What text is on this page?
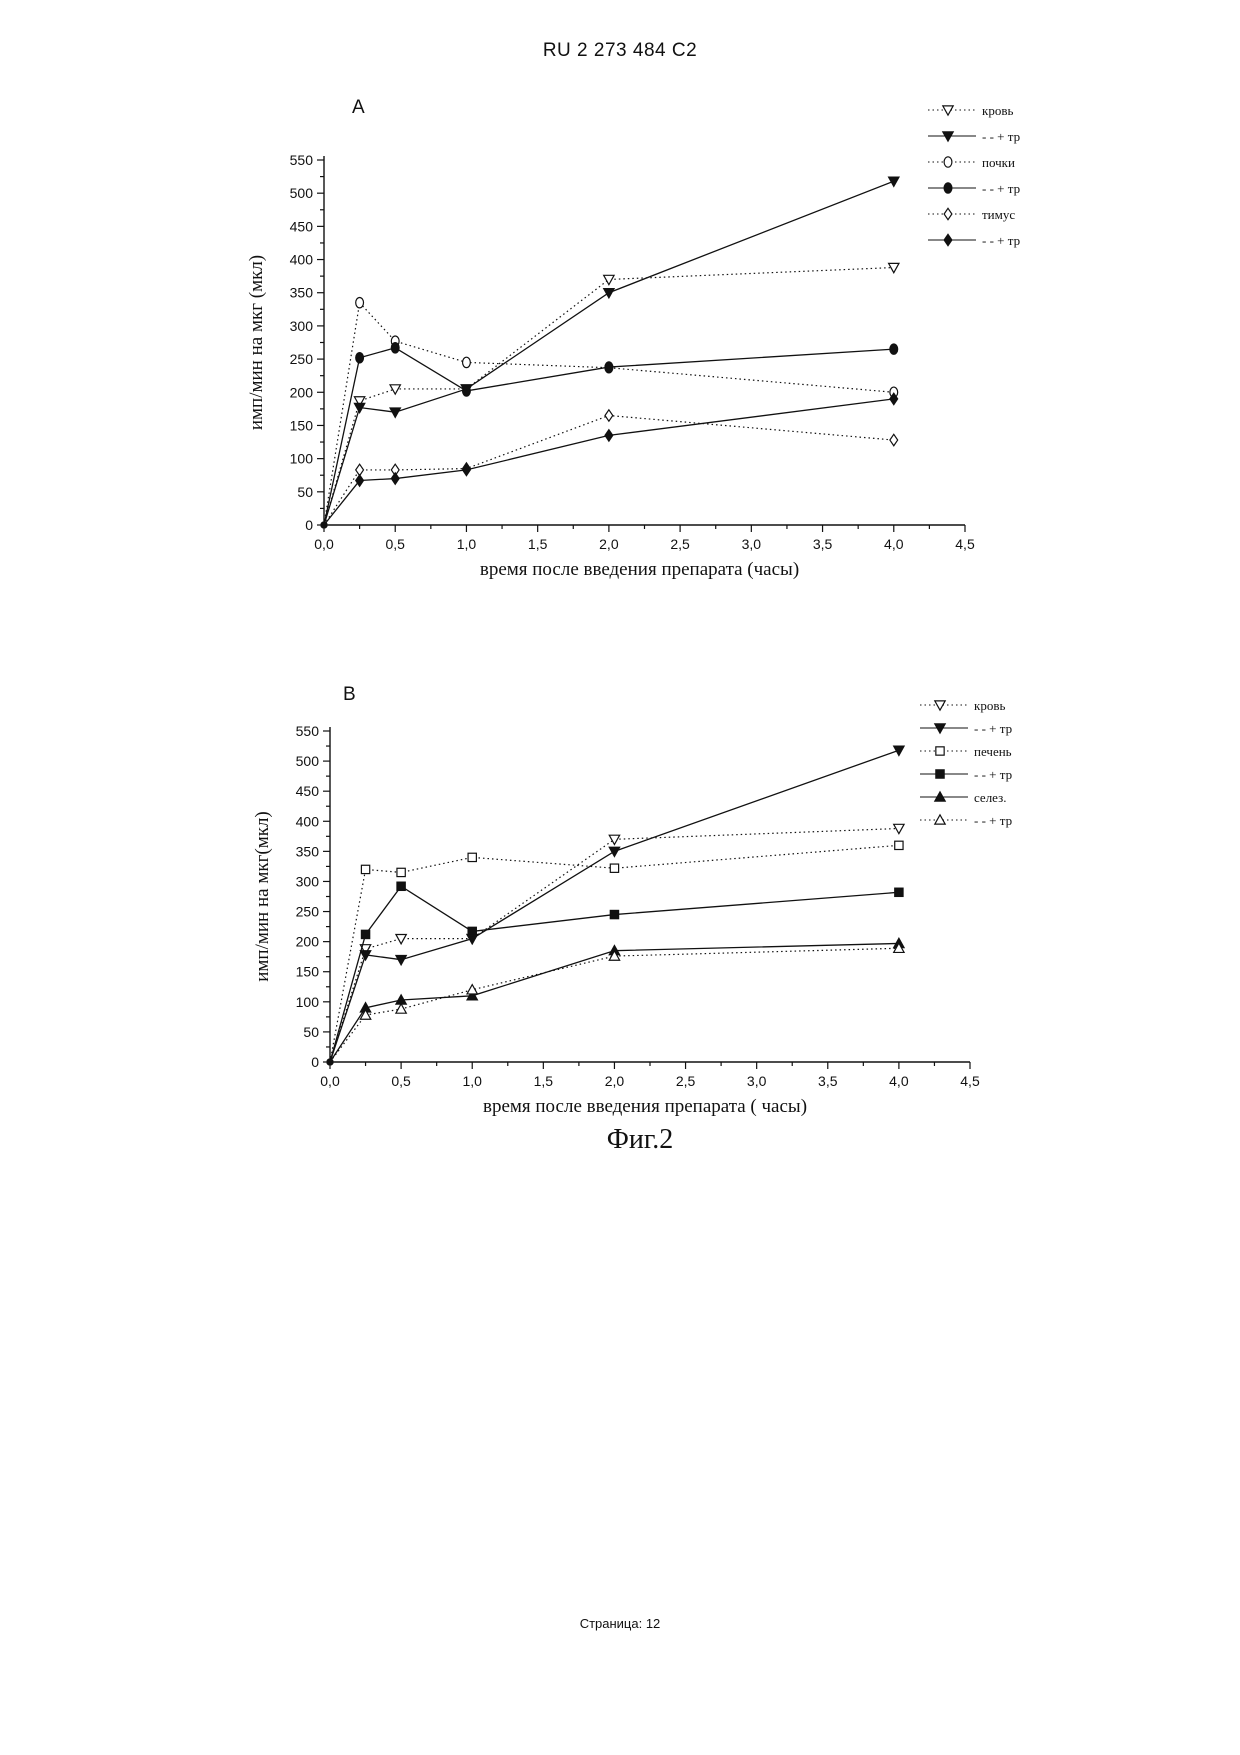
RU 2 273 484 C2
A
0
50
100
150
200
250
300
350
400
450
500
550
0,0	0,5	1,0	1,5	2,0	2,5	3,0	3,5	4,0	4,5
время после введения препарата (часы)
имп/мин на мкг (мкл)
кровь
- - + тр
почки
- - + тр
тимус
- - + тр
B
0
50
100
150
200
250
300
350
400
450
500
550
0,0	0,5	1,0	1,5	2,0	2,5	3,0	3,5	4,0	4,5
время после введения препарата ( часы)
имп/мин на мкг(мкл)
кровь
- - + тр
печень
- - + тр
селез.
- - + тр
Фиг.2
Страница: 12
